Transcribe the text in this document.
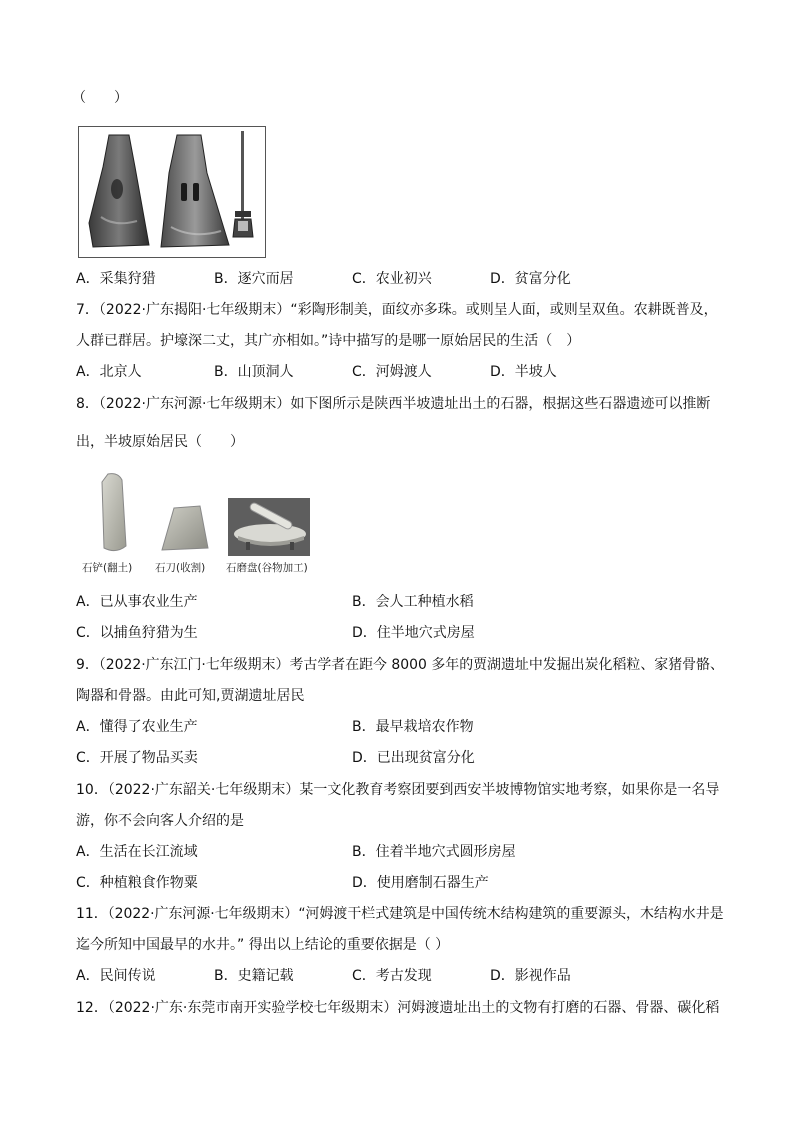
（　　）
A．采集狩猎	B．逐穴而居	C．农业初兴	D．贫富分化
7．（2022·广东揭阳·七年级期末）“彩陶形制美，面纹亦多珠。或则呈人面，或则呈双鱼。农耕既普及，
人群已群居。护壕深二丈，其广亦相如。”诗中描写的是哪一原始居民的生活（　）
A．北京人	B．山顶洞人	C．河姆渡人	D．半坡人
8．（2022·广东河源·七年级期末）如下图所示是陕西半坡遗址出土的石器，根据这些石器遗迹可以推断
出，半坡原始居民（　　）
石铲(翻土) 石刀(收割) 石磨盘(谷物加工)
A．已从事农业生产	B．会人工种植水稻
C．以捕鱼狩猎为生	D．住半地穴式房屋
9．（2022·广东江门·七年级期末）考古学者在距今 8000 多年的贾湖遗址中发掘出炭化稻粒、家猪骨骼、
陶器和骨器。由此可知,贾湖遗址居民
A．懂得了农业生产	B．最早栽培农作物
C．开展了物品买卖	D．已出现贫富分化
10．（2022·广东韶关·七年级期末）某一文化教育考察团要到西安半坡博物馆实地考察，如果你是一名导
游，你不会向客人介绍的是
A．生活在长江流域	B．住着半地穴式圆形房屋
C．种植粮食作物粟	D．使用磨制石器生产
11．（2022·广东河源·七年级期末）“河姆渡干栏式建筑是中国传统木结构建筑的重要源头，木结构水井是
迄今所知中国最早的水井。” 得出以上结论的重要依据是（ ）
A．民间传说	B．史籍记载	C．考古发现	D．影视作品
12．（2022·广东·东莞市南开实验学校七年级期末）河姆渡遗址出土的文物有打磨的石器、骨器、碳化稻
